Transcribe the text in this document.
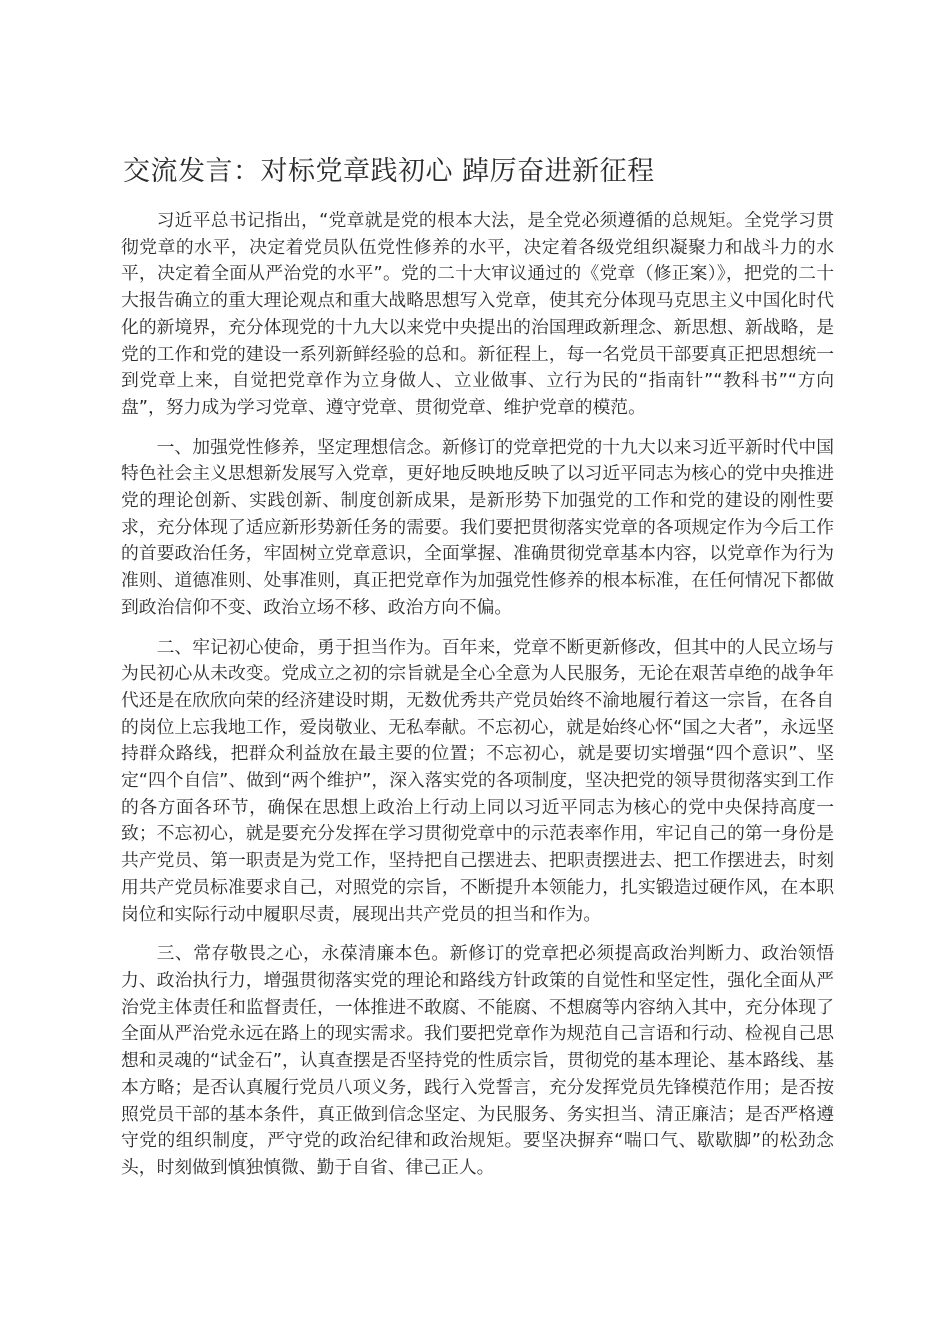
交流发言：对标党章践初心 踔厉奋进新征程

习近平总书记指出，“党章就是党的根本大法，是全党必须遵循的总规矩。全党学习贯彻党章的水平，决定着党员队伍党性修养的水平，决定着各级党组织凝聚力和战斗力的水平，决定着全面从严治党的水平”。党的二十大审议通过的《党章（修正案）》，把党的二十大报告确立的重大理论观点和重大战略思想写入党章，使其充分体现马克思主义中国化时代化的新境界，充分体现党的十九大以来党中央提出的治国理政新理念、新思想、新战略，是党的工作和党的建设一系列新鲜经验的总和。新征程上，每一名党员干部要真正把思想统一到党章上来，自觉把党章作为立身做人、立业做事、立行为民的“指南针”“教科书”“方向盘”，努力成为学习党章、遵守党章、贯彻党章、维护党章的模范。

一、加强党性修养，坚定理想信念。新修订的党章把党的十九大以来习近平新时代中国特色社会主义思想新发展写入党章，更好地反映地反映了以习近平同志为核心的党中央推进党的理论创新、实践创新、制度创新成果，是新形势下加强党的工作和党的建设的刚性要求，充分体现了适应新形势新任务的需要。我们要把贯彻落实党章的各项规定作为今后工作的首要政治任务，牢固树立党章意识，全面掌握、准确贯彻党章基本内容，以党章作为行为准则、道德准则、处事准则，真正把党章作为加强党性修养的根本标准，在任何情况下都做到政治信仰不变、政治立场不移、政治方向不偏。

二、牢记初心使命，勇于担当作为。百年来，党章不断更新修改，但其中的人民立场与为民初心从未改变。党成立之初的宗旨就是全心全意为人民服务，无论在艰苦卓绝的战争年代还是在欣欣向荣的经济建设时期，无数优秀共产党员始终不渝地履行着这一宗旨，在各自的岗位上忘我地工作，爱岗敬业、无私奉献。不忘初心，就是始终心怀“国之大者”，永远坚持群众路线，把群众利益放在最主要的位置；不忘初心，就是要切实增强“四个意识”、坚定“四个自信”、做到“两个维护”，深入落实党的各项制度，坚决把党的领导贯彻落实到工作的各方面各环节，确保在思想上政治上行动上同以习近平同志为核心的党中央保持高度一致；不忘初心，就是要充分发挥在学习贯彻党章中的示范表率作用，牢记自己的第一身份是共产党员、第一职责是为党工作，坚持把自己摆进去、把职责摆进去、把工作摆进去，时刻用共产党员标准要求自己，对照党的宗旨，不断提升本领能力，扎实锻造过硬作风，在本职岗位和实际行动中履职尽责，展现出共产党员的担当和作为。

三、常存敬畏之心，永葆清廉本色。新修订的党章把必须提高政治判断力、政治领悟力、政治执行力，增强贯彻落实党的理论和路线方针政策的自觉性和坚定性，强化全面从严治党主体责任和监督责任，一体推进不敢腐、不能腐、不想腐等内容纳入其中，充分体现了全面从严治党永远在路上的现实需求。我们要把党章作为规范自己言语和行动、检视自己思想和灵魂的“试金石”，认真查摆是否坚持党的性质宗旨，贯彻党的基本理论、基本路线、基本方略；是否认真履行党员八项义务，践行入党誓言，充分发挥党员先锋模范作用；是否按照党员干部的基本条件，真正做到信念坚定、为民服务、务实担当、清正廉洁；是否严格遵守党的组织制度，严守党的政治纪律和政治规矩。要坚决摒弃“喘口气、歇歇脚”的松劲念头，时刻做到慎独慎微、勤于自省、律己正人。
